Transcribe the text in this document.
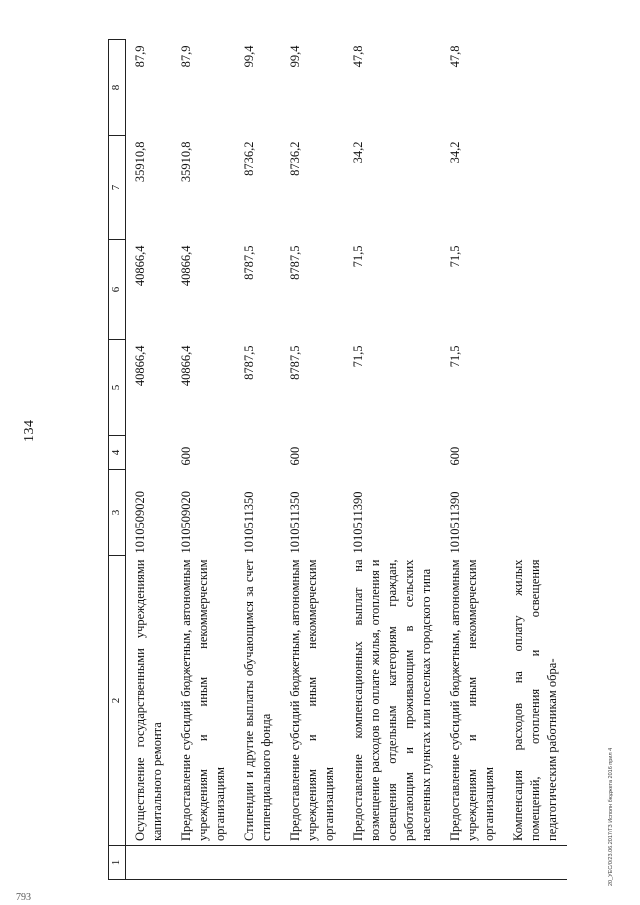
134
1	2	3	4	5	6	7	8
	Осуществление государственными учреждениями капитального ремонта	1010509020		40866,4	40866,4	35910,8	87,9
	Предоставление субсидий бюджетным, автономным учреждениям и иным некоммерческим организациям	1010509020	600	40866,4	40866,4	35910,8	87,9
	Стипендии и другие выплаты обучающимся за счет стипендиального фонда	1010511350		8787,5	8787,5	8736,2	99,4
	Предоставление субсидий бюджетным, автономным учреждениям и иным некоммерческим организациям	1010511350	600	8787,5	8787,5	8736,2	99,4
	Предоставление компенсационных выплат на возмещение расходов по оплате жилья, отопления и освещения отдельным категориям граждан, работающим и проживающим в сельских населенных пунктах или поселках городского типа	1010511390		71,5	71,5	34,2	47,8
	Предоставление субсидий бюджетным, автономным учреждениям и иным некоммерческим организациям	1010511390	600	71,5	71,5	34,2	47,8
	Компенсация расходов на оплату жилых помещений, отопления и освещения педагогическим работникам обра-							20_УЕС/0/23.06.2017/ГЗ Исполн бюджета 2016 прил 4
793
